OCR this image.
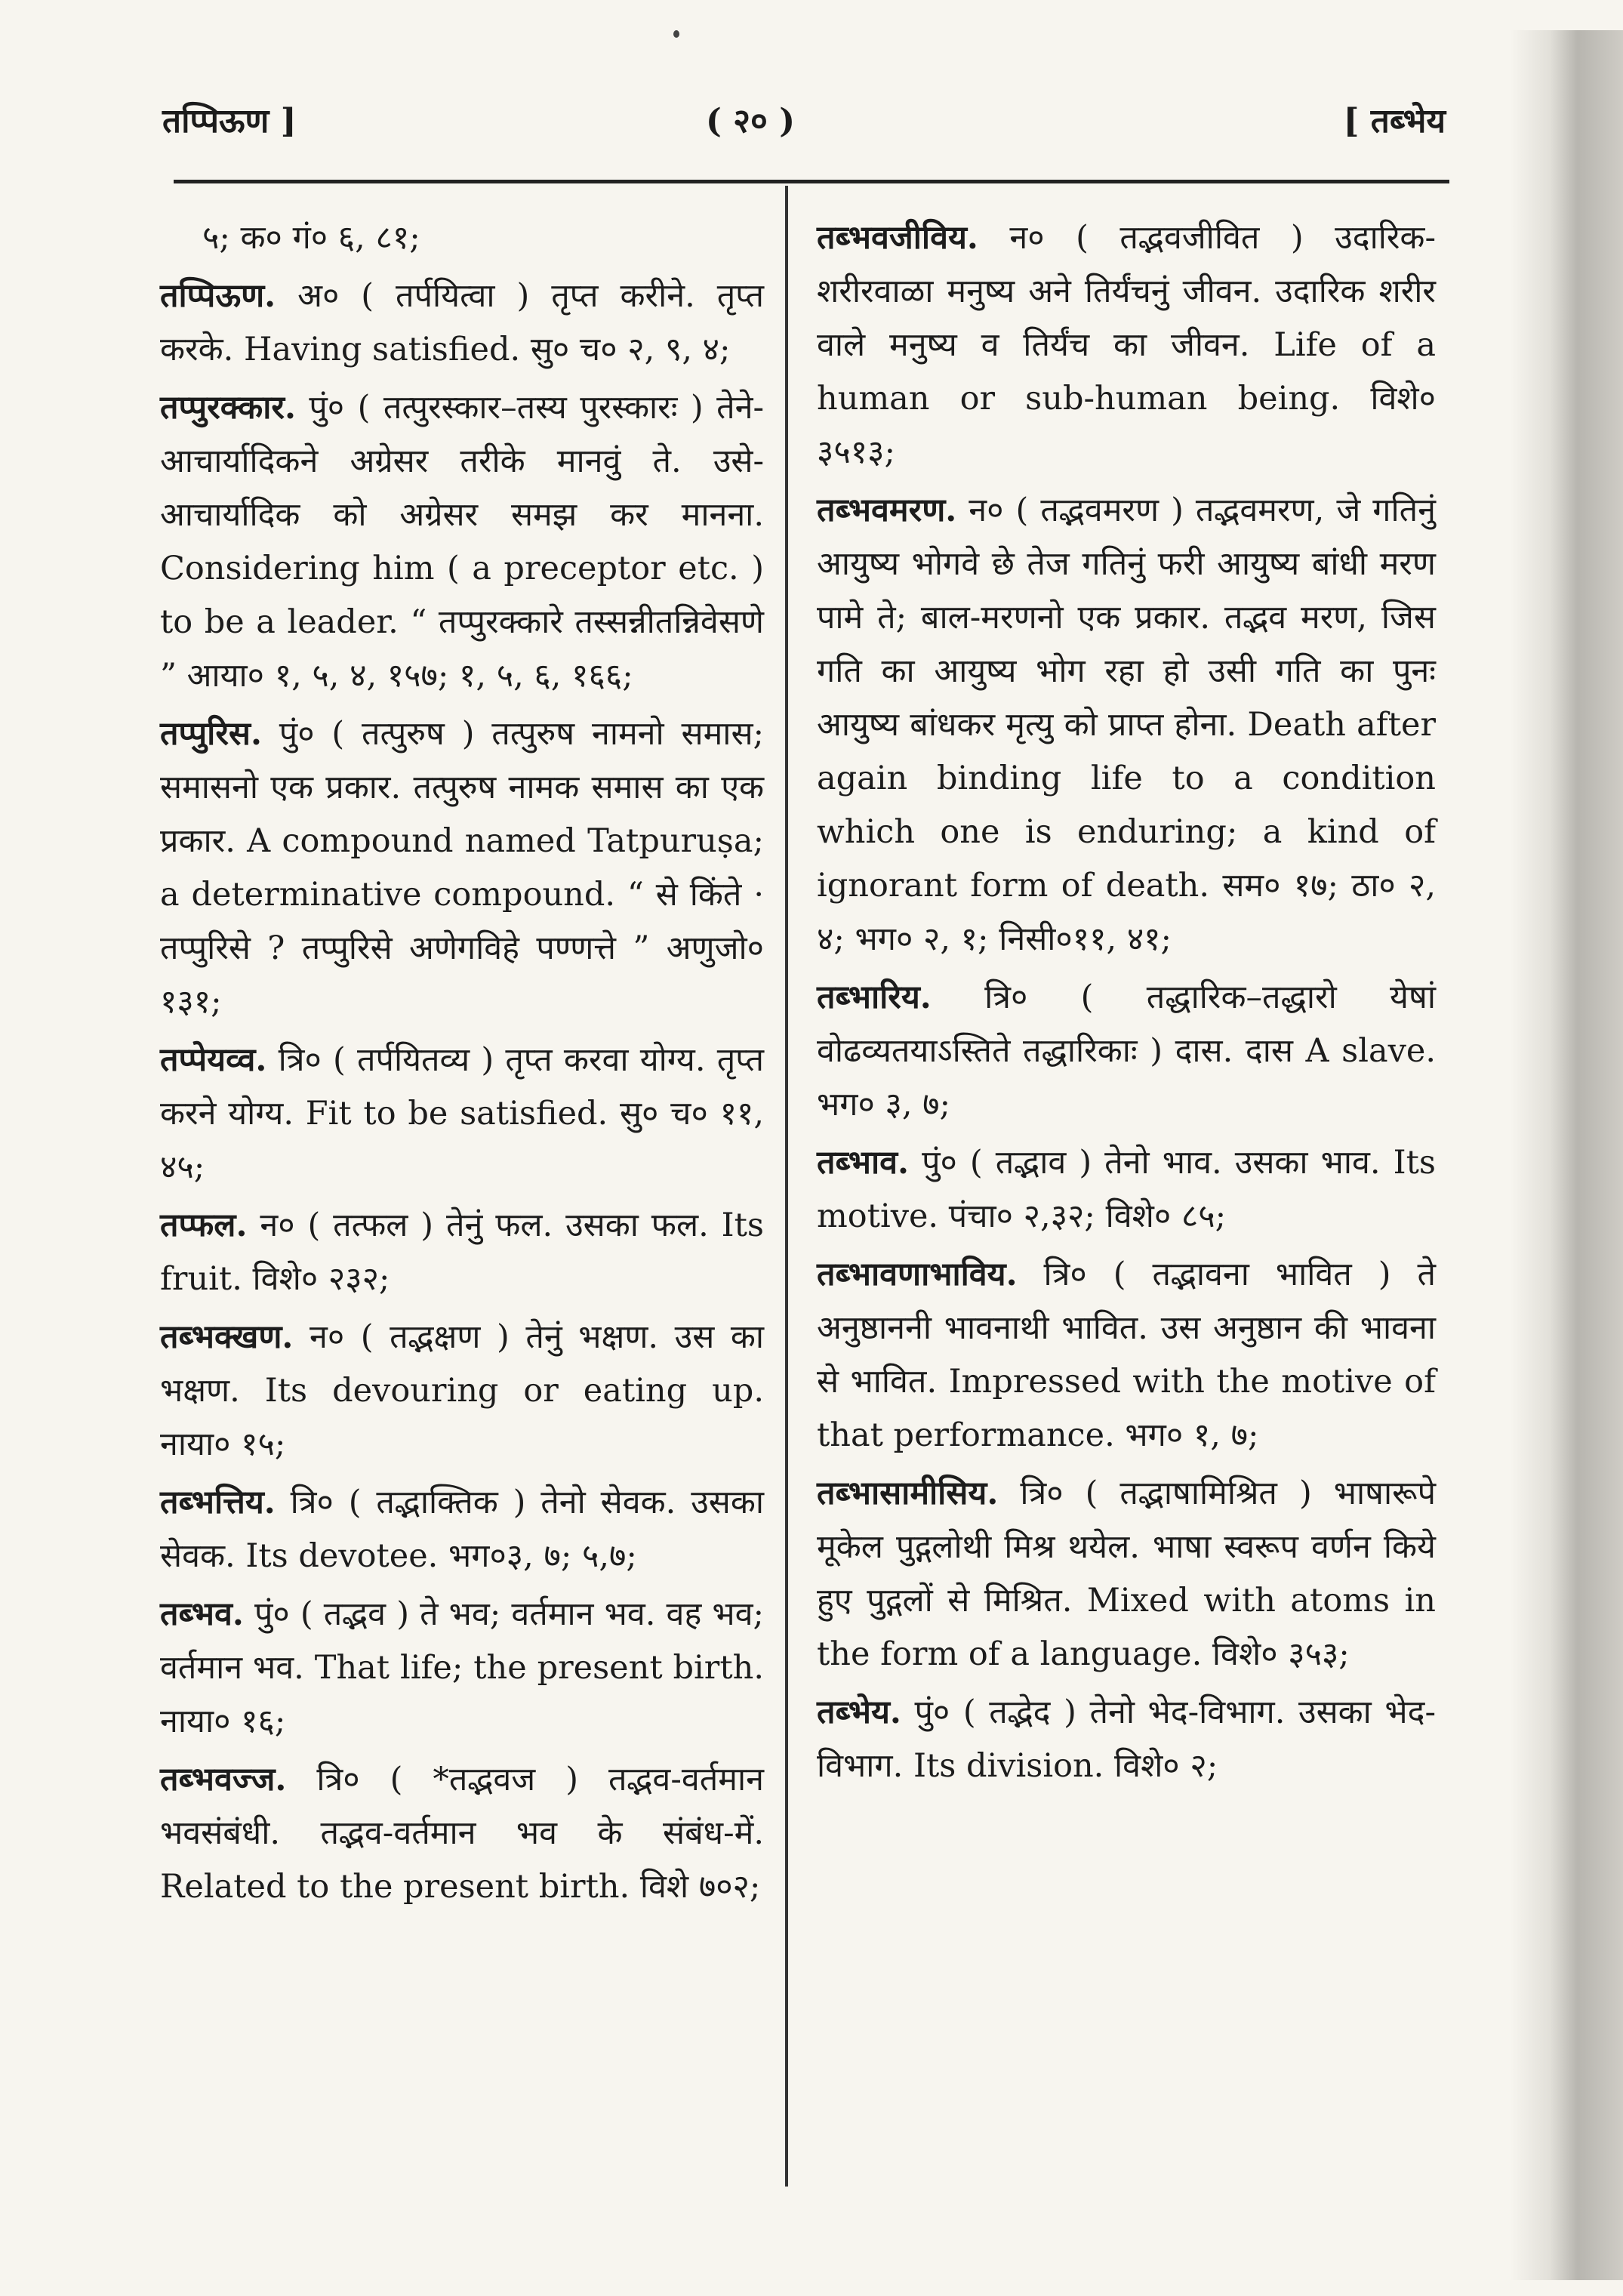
तप्पिऊण ]	( २० )	[ तब्भेय
५; क० गं० ६, ८१;
तप्पिऊण. अ० ( तर्पयित्वा ) तृप्त करीने. तृप्त करके. Having satisfied. सु० च० २, ९, ४;
तप्पुरक्कार. पुं० ( तत्पुरस्कार–तस्य पुरस्कारः ) तेने-आचार्यादिकने अग्रेसर तरीके मानवुं ते. उसे-आचार्यादिक को अग्रेसर समझ कर मानना. Considering him ( a preceptor etc. ) to be a leader. “ तप्पुरक्कारे तस्सन्नीतन्निवेसणे ” आया० १, ५, ४, १५७; १, ५, ६, १६६;
तप्पुरिस. पुं० ( तत्पुरुष ) तत्पुरुष नामनो समास; समासनो एक प्रकार. तत्पुरुष नामक समास का एक प्रकार. A compound named Tatpuruṣa; a determinative compound. “ से किंते · तप्पुरिसे ? तप्पुरिसे अणेगविहे पण्णत्ते ” अणुजो० १३१;
तप्पेयव्व. त्रि० ( तर्पयितव्य ) तृप्त करवा योग्य. तृप्त करने योग्य. Fit to be satisfied. सु० च० ११, ४५;
तप्फल. न० ( तत्फल ) तेनुं फल. उसका फल. Its fruit. विशे० २३२;
तब्भक्खण. न० ( तद्भक्षण ) तेनुं भक्षण. उस का भक्षण. Its devouring or eating up. नाया० १५;
तब्भत्तिय. त्रि० ( तद्भाक्तिक ) तेनो सेवक. उसका सेवक. Its devotee. भग०३, ७; ५,७;
तब्भव. पुं० ( तद्भव ) ते भव; वर्तमान भव. वह भव; वर्तमान भव. That life; the present birth. नाया० १६;
तब्भवज्ज. त्रि० ( *तद्भवज ) तद्भव-वर्तमान भवसंबंधी. तद्भव-वर्तमान भव के संबंध-में. Related to the present birth. विशे ७०२;
तब्भवजीविय. न० ( तद्भवजीवित ) उदारिक-शरीरवाळा मनुष्य अने तिर्यंचनुं जीवन. उदारिक शरीर वाले मनुष्य व तिर्यंच का जीवन. Life of a human or sub-human being. विशे० ३५१३;
तब्भवमरण. न० ( तद्भवमरण ) तद्भवमरण, जे गतिनुं आयुष्य भोगवे छे तेज गतिनुं फरी आयुष्य बांधी मरण पामे ते; बाल-मरणनो एक प्रकार. तद्भव मरण, जिस गति का आयुष्य भोग रहा हो उसी गति का पुनः आयुष्य बांधकर मृत्यु को प्राप्त होना. Death after again binding life to a condition which one is enduring; a kind of ignorant form of death. सम० १७; ठा० २, ४; भग० २, १; निसी०११, ४१;
तब्भारिय. त्रि० ( तद्धारिक–तद्धारो येषां वोढव्यतयाऽस्तिते तद्धारिकाः ) दास. दास A slave. भग० ३, ७;
तब्भाव. पुं० ( तद्भाव ) तेनो भाव. उसका भाव. Its motive. पंचा० २,३२; विशे० ८५;
तब्भावणाभाविय. त्रि० ( तद्भावना भावित ) ते अनुष्ठाननी भावनाथी भावित. उस अनुष्ठान की भावना से भावित. Impressed with the motive of that performance. भग० १, ७;
तब्भासामीसिय. त्रि० ( तद्भाषामिश्रित ) भाषारूपे मूकेल पुद्गलोथी मिश्र थयेल. भाषा स्वरूप वर्णन किये हुए पुद्गलों से मिश्रित. Mixed with atoms in the form of a language. विशे० ३५३;
तब्भेय. पुं० ( तद्भेद ) तेनो भेद-विभाग. उसका भेद-विभाग. Its division. विशे० २;
